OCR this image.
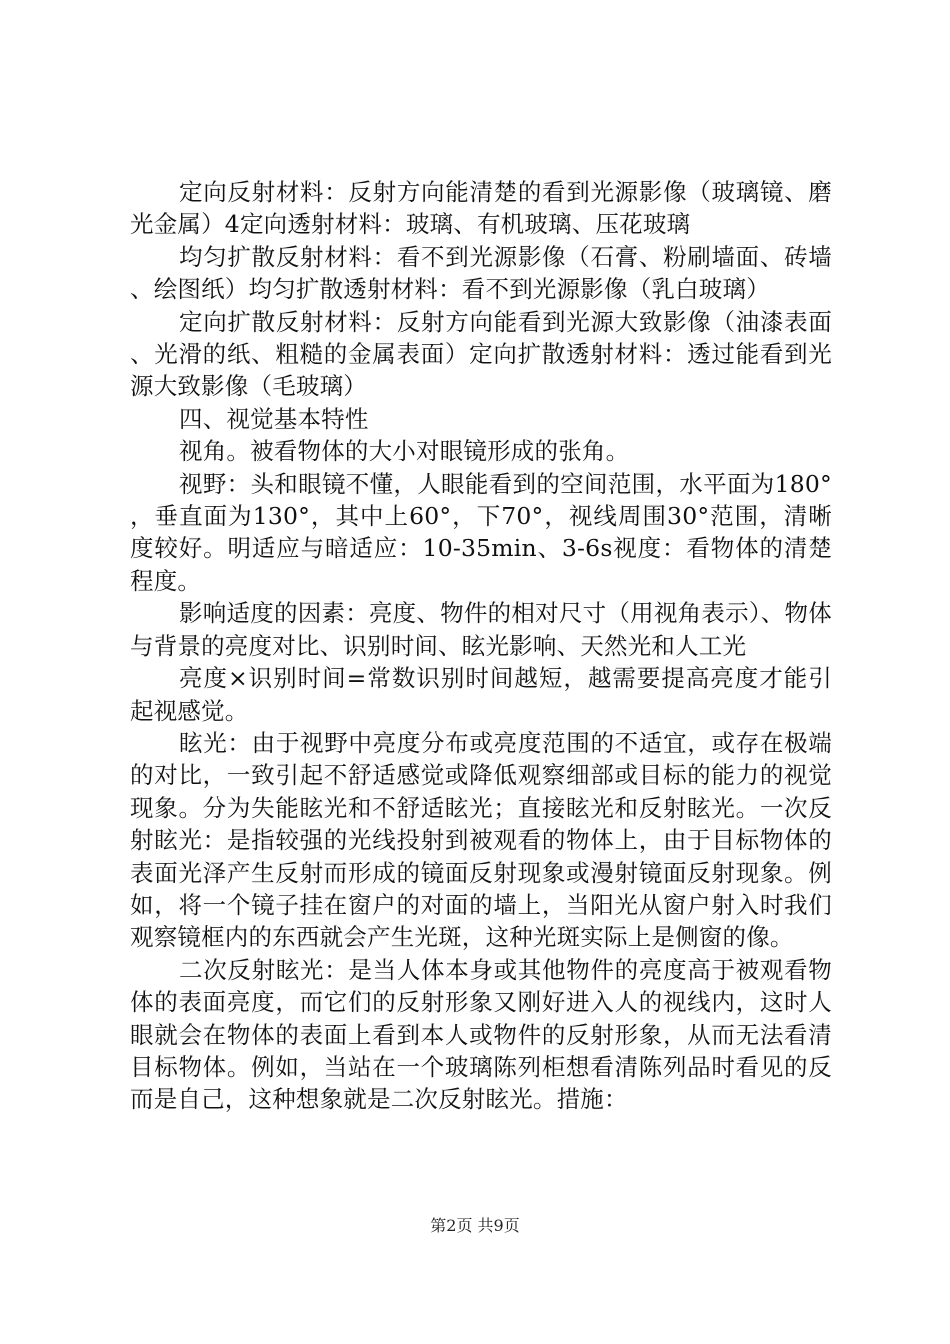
定向反射材料：反射方向能清楚的看到光源影像（玻璃镜、磨光金属）4定向透射材料：玻璃、有机玻璃、压花玻璃

均匀扩散反射材料：看不到光源影像（石膏、粉刷墙面、砖墙、绘图纸）均匀扩散透射材料：看不到光源影像（乳白玻璃）

定向扩散反射材料：反射方向能看到光源大致影像（油漆表面、光滑的纸、粗糙的金属表面）定向扩散透射材料：透过能看到光源大致影像（毛玻璃）

四、视觉基本特性

视角。被看物体的大小对眼镜形成的张角。

视野：头和眼镜不懂，人眼能看到的空间范围，水平面为180°，垂直面为130°，其中上60°，下70°，视线周围30°范围，清晰度较好。明适应与暗适应：10-35min、3-6s视度：看物体的清楚程度。

影响适度的因素：亮度、物件的相对尺寸（用视角表示）、物体与背景的亮度对比、识别时间、眩光影响、天然光和人工光

亮度×识别时间=常数识别时间越短，越需要提高亮度才能引起视感觉。

眩光：由于视野中亮度分布或亮度范围的不适宜，或存在极端的对比，一致引起不舒适感觉或降低观察细部或目标的能力的视觉现象。分为失能眩光和不舒适眩光；直接眩光和反射眩光。一次反射眩光：是指较强的光线投射到被观看的物体上，由于目标物体的表面光泽产生反射而形成的镜面反射现象或漫射镜面反射现象。例如，将一个镜子挂在窗户的对面的墙上，当阳光从窗户射入时我们观察镜框内的东西就会产生光斑，这种光斑实际上是侧窗的像。

二次反射眩光：是当人体本身或其他物件的亮度高于被观看物体的表面亮度，而它们的反射形象又刚好进入人的视线内，这时人眼就会在物体的表面上看到本人或物件的反射形象，从而无法看清目标物体。例如，当站在一个玻璃陈列柜想看清陈列品时看见的反而是自己，这种想象就是二次反射眩光。措施：

第2页 共9页
